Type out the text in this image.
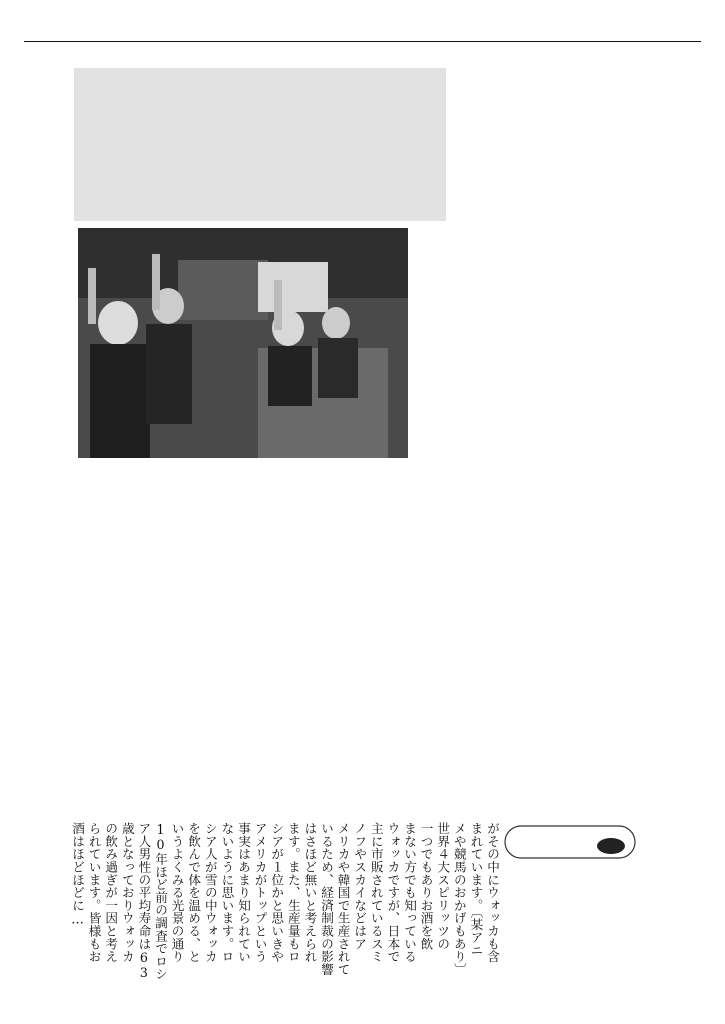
がその中にウォッカも含
まれています。〔某アニ
メや競馬のおかげもあり〕
世界４大スピリッツの
一つでもありお酒を飲
まない方でも知っている
ウォッカですが、日本で
主に市販されているスミ
ノフやスカイなどはア
メリカや韓国で生産されて
いるため、経済制裁の影響
はさほど無いと考えられ
ます。また、生産量もロ
シアが１位かと思いきや
アメリカがトップという
事実はあまり知られてい
ないように思います。ロ
シア人が雪の中ウォッカ
を飲んで体を温める、と
いうよくみる光景の通り
10年ほど前の調査でロシ
ア人男性の平均寿命は63
歳となっておりウォッカ
の飲み過ぎが一因と考え
られています。皆様もお
酒はほどほどに…
